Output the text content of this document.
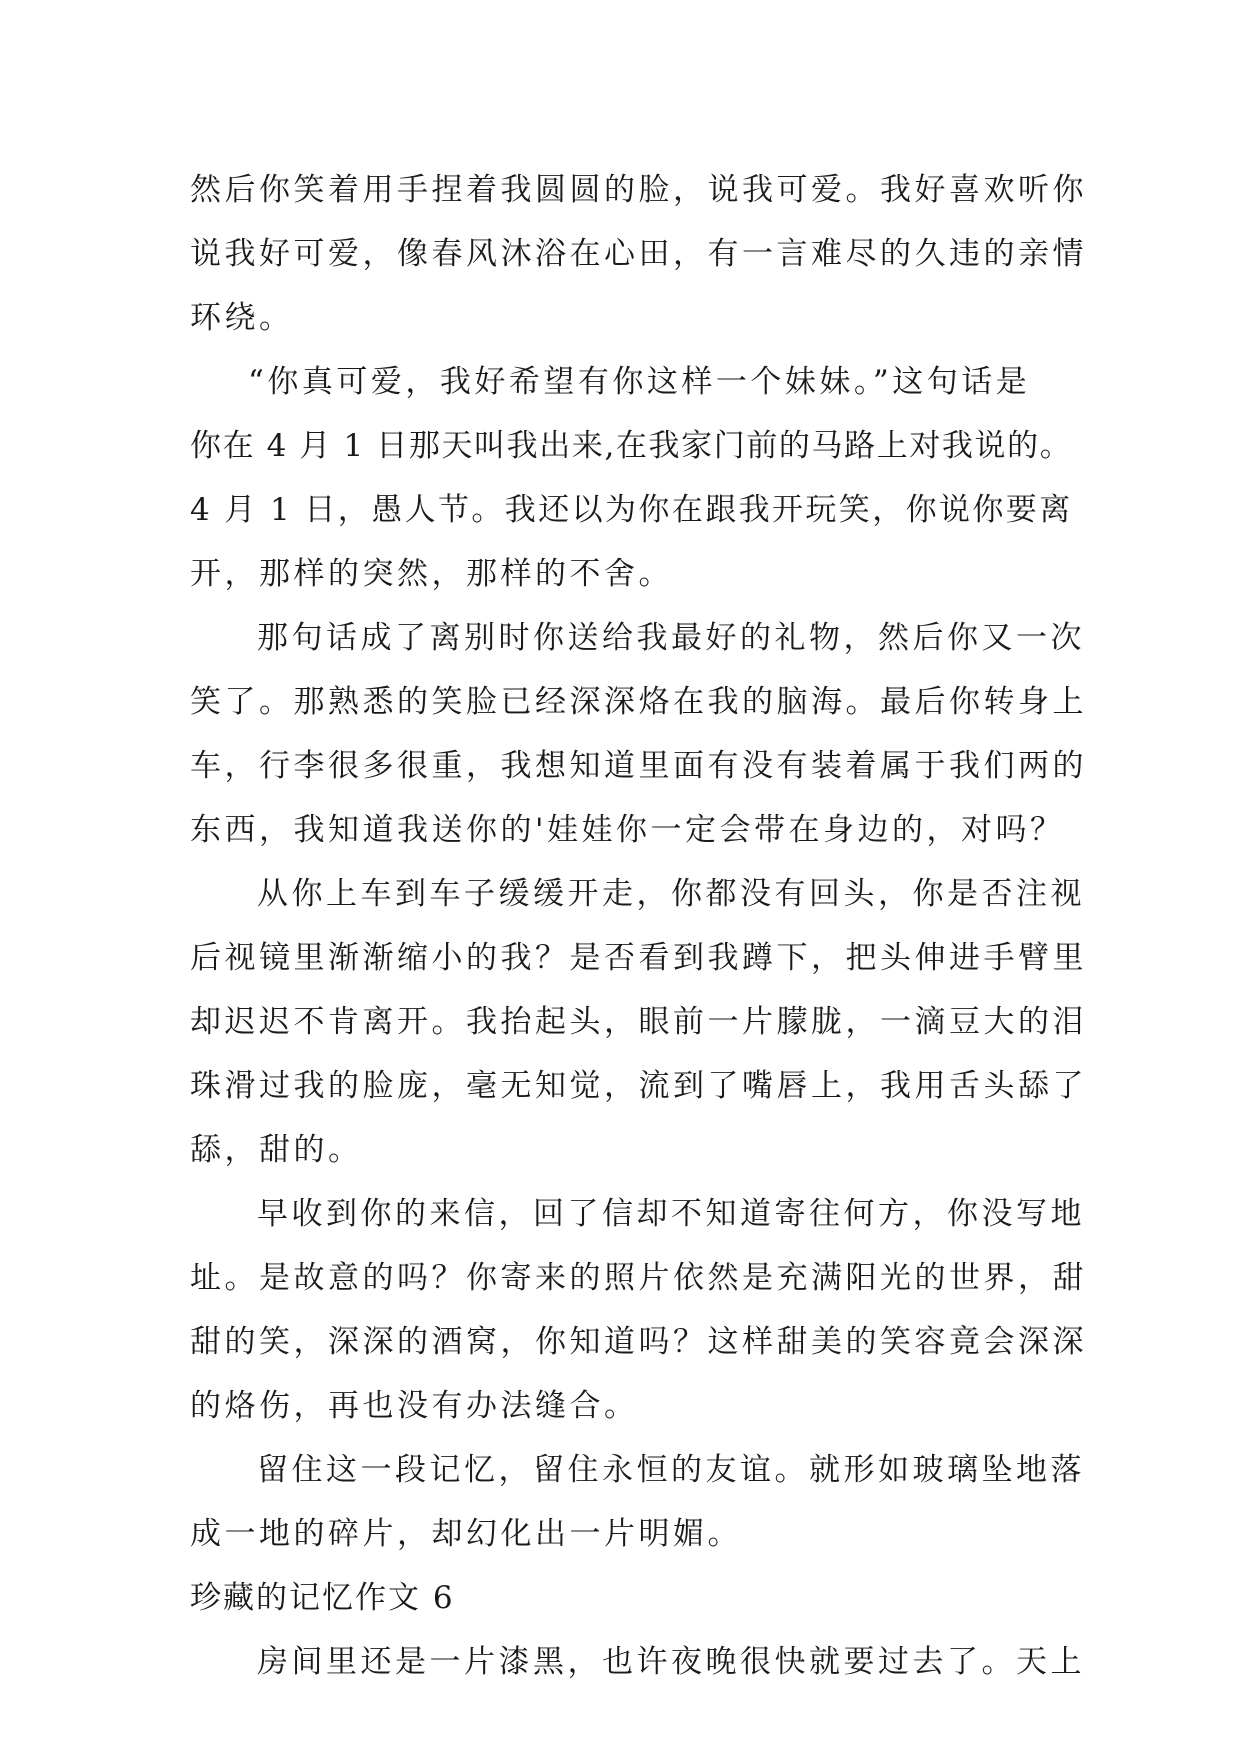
然后你笑着用手捏着我圆圆的脸，说我可爱。我好喜欢听你
说我好可爱，像春风沐浴在心田，有一言难尽的久违的亲情
环绕。
“你真可爱，我好希望有你这样一个妹妹。”这句话是
你在 4 月 1 日那天叫我出来,在我家门前的马路上对我说的。
4 月 1 日，愚人节。我还以为你在跟我开玩笑，你说你要离
开，那样的突然，那样的不舍。
那句话成了离别时你送给我最好的礼物，然后你又一次
笑了。那熟悉的笑脸已经深深烙在我的脑海。最后你转身上
车，行李很多很重，我想知道里面有没有装着属于我们两的
东西，我知道我送你的'娃娃你一定会带在身边的，对吗？
从你上车到车子缓缓开走，你都没有回头，你是否注视
后视镜里渐渐缩小的我？是否看到我蹲下，把头伸进手臂里
却迟迟不肯离开。我抬起头，眼前一片朦胧，一滴豆大的泪
珠滑过我的脸庞，毫无知觉，流到了嘴唇上，我用舌头舔了
舔，甜的。
早收到你的来信，回了信却不知道寄往何方，你没写地
址。是故意的吗？你寄来的照片依然是充满阳光的世界，甜
甜的笑，深深的酒窝，你知道吗？这样甜美的笑容竟会深深
的烙伤，再也没有办法缝合。
留住这一段记忆，留住永恒的友谊。就形如玻璃坠地落
成一地的碎片，却幻化出一片明媚。
珍藏的记忆作文 6
房间里还是一片漆黑，也许夜晚很快就要过去了。天上
